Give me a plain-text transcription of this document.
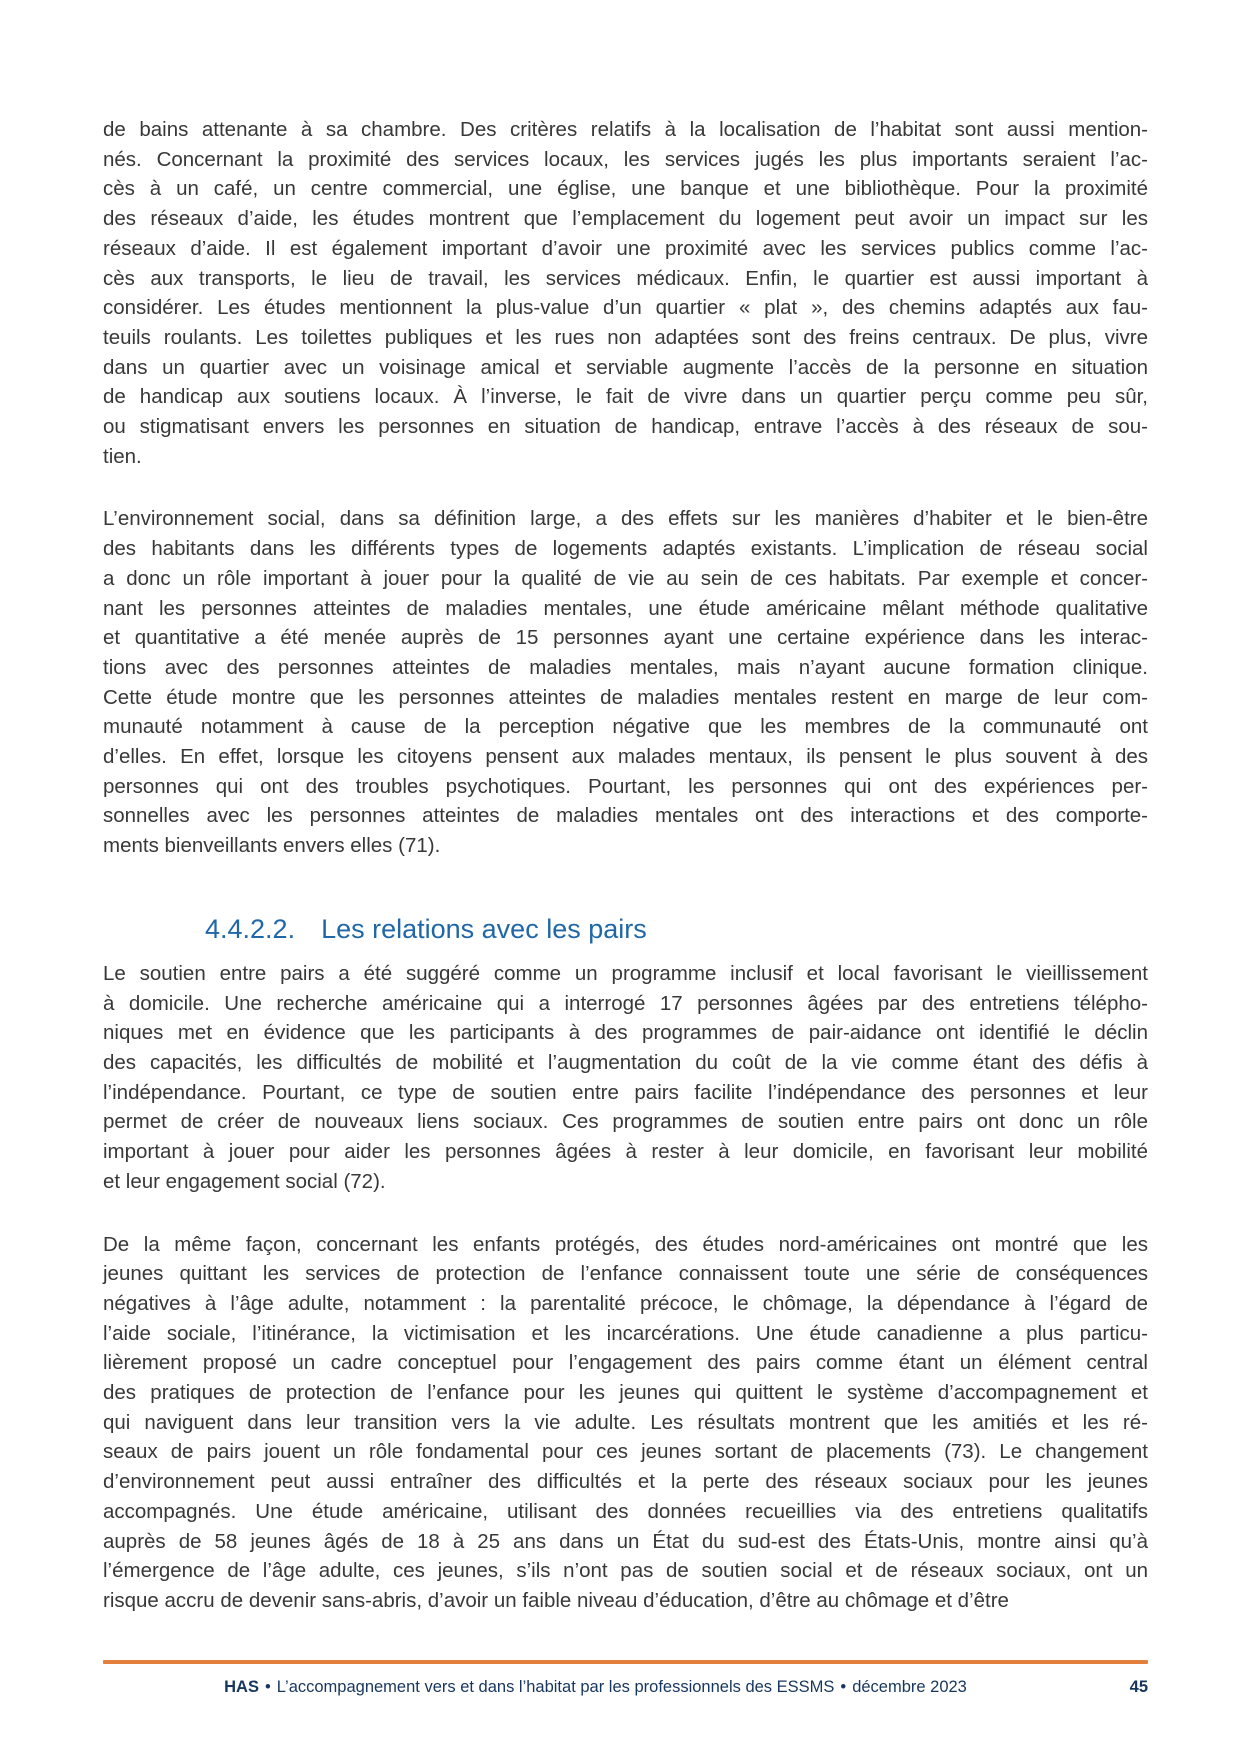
de bains attenante à sa chambre. Des critères relatifs à la localisation de l’habitat sont aussi mention-
nés. Concernant la proximité des services locaux, les services jugés les plus importants seraient l’ac-
cès à un café, un centre commercial, une église, une banque et une bibliothèque. Pour la proximité
des réseaux d’aide, les études montrent que l’emplacement du logement peut avoir un impact sur les
réseaux d’aide. Il est également important d’avoir une proximité avec les services publics comme l’ac-
cès aux transports, le lieu de travail, les services médicaux. Enfin, le quartier est aussi important à
considérer. Les études mentionnent la plus-value d’un quartier « plat », des chemins adaptés aux fau-
teuils roulants. Les toilettes publiques et les rues non adaptées sont des freins centraux. De plus, vivre
dans un quartier avec un voisinage amical et serviable augmente l’accès de la personne en situation
de handicap aux soutiens locaux. À l’inverse, le fait de vivre dans un quartier perçu comme peu sûr,
ou stigmatisant envers les personnes en situation de handicap, entrave l’accès à des réseaux de sou-
tien.
L’environnement social, dans sa définition large, a des effets sur les manières d’habiter et le bien-être
des habitants dans les différents types de logements adaptés existants. L’implication de réseau social
a donc un rôle important à jouer pour la qualité de vie au sein de ces habitats. Par exemple et concer-
nant les personnes atteintes de maladies mentales, une étude américaine mêlant méthode qualitative
et quantitative a été menée auprès de 15 personnes ayant une certaine expérience dans les interac-
tions avec des personnes atteintes de maladies mentales, mais n’ayant aucune formation clinique.
Cette étude montre que les personnes atteintes de maladies mentales restent en marge de leur com-
munauté notamment à cause de la perception négative que les membres de la communauté ont
d’elles. En effet, lorsque les citoyens pensent aux malades mentaux, ils pensent le plus souvent à des
personnes qui ont des troubles psychotiques. Pourtant, les personnes qui ont des expériences per-
sonnelles avec les personnes atteintes de maladies mentales ont des interactions et des comporte-
ments bienveillants envers elles (71).
4.4.2.2. Les relations avec les pairs
Le soutien entre pairs a été suggéré comme un programme inclusif et local favorisant le vieillissement
à domicile. Une recherche américaine qui a interrogé 17 personnes âgées par des entretiens télépho-
niques met en évidence que les participants à des programmes de pair-aidance ont identifié le déclin
des capacités, les difficultés de mobilité et l’augmentation du coût de la vie comme étant des défis à
l’indépendance. Pourtant, ce type de soutien entre pairs facilite l’indépendance des personnes et leur
permet de créer de nouveaux liens sociaux. Ces programmes de soutien entre pairs ont donc un rôle
important à jouer pour aider les personnes âgées à rester à leur domicile, en favorisant leur mobilité
et leur engagement social (72).
De la même façon, concernant les enfants protégés, des études nord-américaines ont montré que les
jeunes quittant les services de protection de l’enfance connaissent toute une série de conséquences
négatives à l’âge adulte, notamment : la parentalité précoce, le chômage, la dépendance à l’égard de
l’aide sociale, l’itinérance, la victimisation et les incarcérations. Une étude canadienne a plus particu-
lièrement proposé un cadre conceptuel pour l’engagement des pairs comme étant un élément central
des pratiques de protection de l’enfance pour les jeunes qui quittent le système d’accompagnement et
qui naviguent dans leur transition vers la vie adulte. Les résultats montrent que les amitiés et les ré-
seaux de pairs jouent un rôle fondamental pour ces jeunes sortant de placements (73). Le changement
d’environnement peut aussi entraîner des difficultés et la perte des réseaux sociaux pour les jeunes
accompagnés. Une étude américaine, utilisant des données recueillies via des entretiens qualitatifs
auprès de 58 jeunes âgés de 18 à 25 ans dans un État du sud-est des États-Unis, montre ainsi qu’à
l’émergence de l’âge adulte, ces jeunes, s’ils n’ont pas de soutien social et de réseaux sociaux, ont un
risque accru de devenir sans-abris, d’avoir un faible niveau d’éducation, d’être au chômage et d’être
HAS • L’accompagnement vers et dans l’habitat par les professionnels des ESSMS • décembre 2023	45
